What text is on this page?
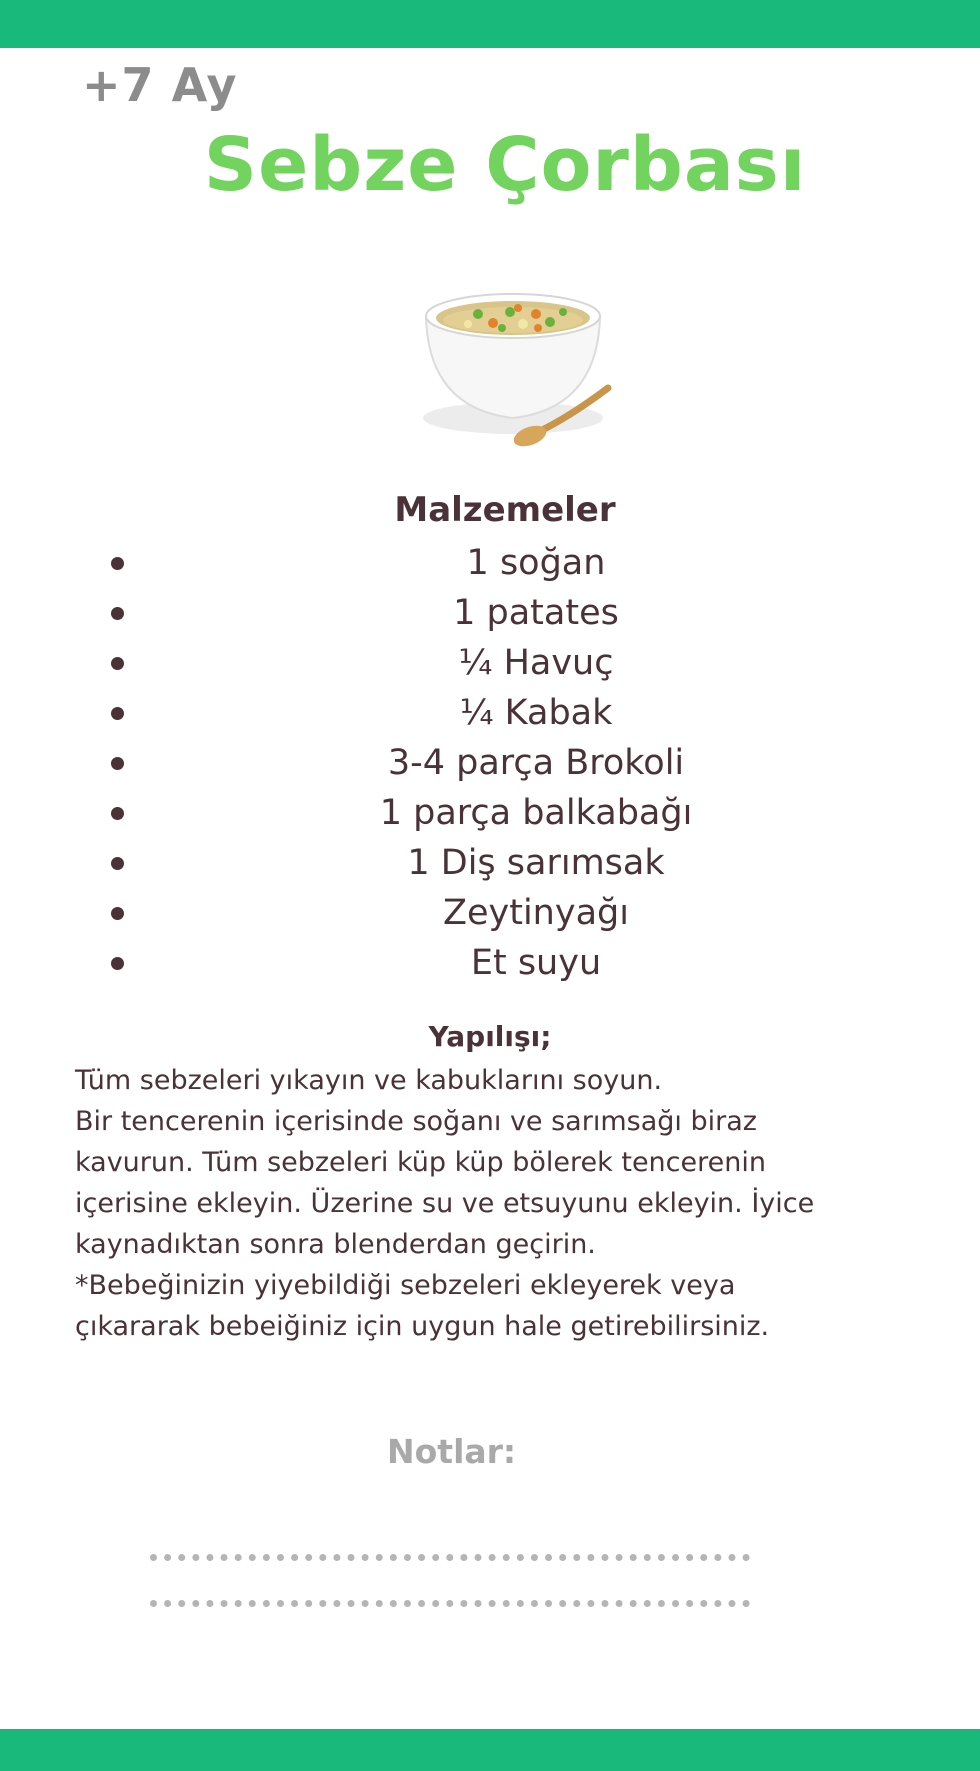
+7 Ay
Sebze Çorbası
Malzemeler
1 soğan
1 patates
¼ Havuç
¼ Kabak
3-4 parça Brokoli
1 parça balkabağı
1 Diş sarımsak
Zeytinyağı
Et suyu
Yapılışı;

Tüm sebzeleri yıkayın ve kabuklarını soyun.

Bir tencerenin içerisinde soğanı ve sarımsağı biraz

kavurun. Tüm sebzeleri küp küp bölerek tencerenin

içerisine ekleyin. Üzerine su ve etsuyunu ekleyin. İyice

kaynadıktan sonra blenderdan geçirin.

*Bebeğinizin yiyebildiği sebzeleri ekleyerek veya

çıkararak bebeiğiniz için uygun hale getirebilirsiniz.

Notlar:
